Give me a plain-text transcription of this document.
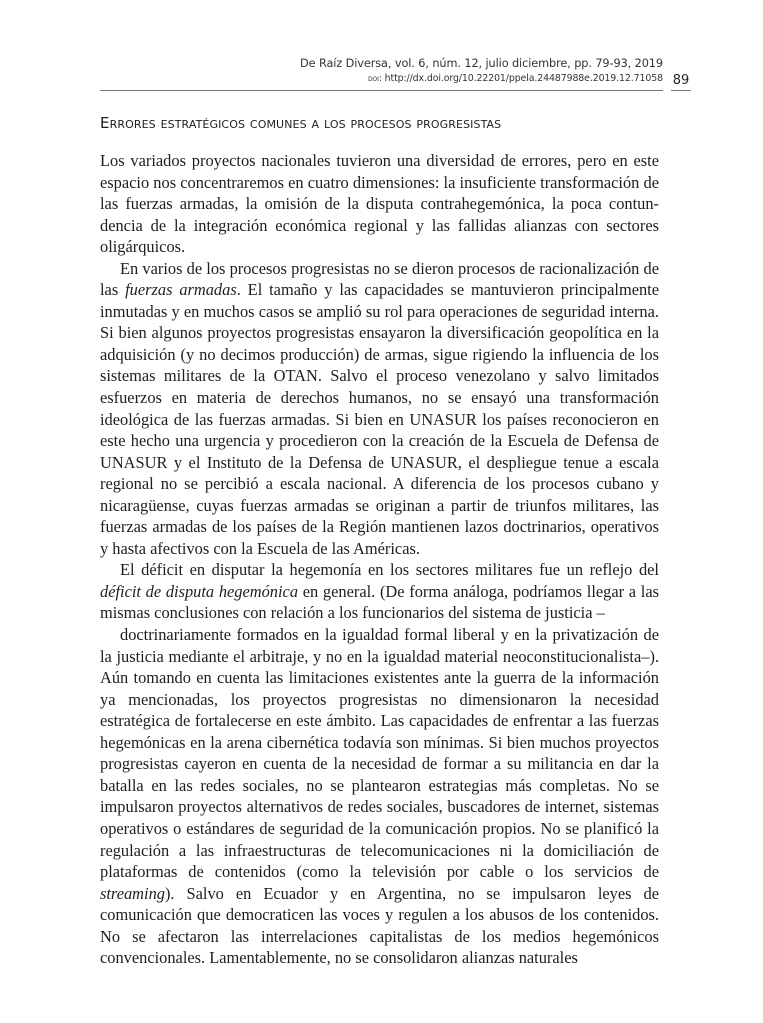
De Raíz Diversa, vol. 6, núm. 12, julio diciembre, pp. 79-93, 2019
doi: http://dx.doi.org/10.22201/ppela.24487988e.2019.12.71058 89
Errores estratégicos comunes a los procesos progresistas

Los variados proyectos nacionales tuvieron una diversidad de errores, pero en este espacio nos concentraremos en cuatro dimensiones: la insuficiente transformación de las fuerzas armadas, la omisión de la disputa contrahegemónica, la poca contundencia de la integración económica regional y las fallidas alianzas con sectores oligárquicos.

En varios de los procesos progresistas no se dieron procesos de racionalización de las fuerzas armadas. El tamaño y las capacidades se mantuvieron principalmente inmutadas y en muchos casos se amplió su rol para operaciones de seguridad interna. Si bien algunos proyectos progresistas ensayaron la diversificación geopolítica en la adquisición (y no decimos producción) de armas, sigue rigiendo la influencia de los sistemas militares de la OTAN. Salvo el proceso venezolano y salvo limitados esfuerzos en materia de derechos humanos, no se ensayó una transformación ideológica de las fuerzas armadas. Si bien en UNASUR los países reconocieron en este hecho una urgencia y procedieron con la creación de la Escuela de Defensa de UNASUR y el Instituto de la Defensa de UNASUR, el despliegue tenue a escala regional no se percibió a escala nacional. A diferencia de los procesos cubano y nicaragüense, cuyas fuerzas armadas se originan a partir de triunfos militares, las fuerzas armadas de los países de la Región mantienen lazos doctrinarios, operativos y hasta afectivos con la Escuela de las Américas.

El déficit en disputar la hegemonía en los sectores militares fue un reflejo del déficit de disputa hegemónica en general. (De forma análoga, podríamos llegar a las mismas conclusiones con relación a los funcionarios del sistema de justicia –

doctrinariamente formados en la igualdad formal liberal y en la privatización de la justicia mediante el arbitraje, y no en la igualdad material neoconstitucionalista–). Aún tomando en cuenta las limitaciones existentes ante la guerra de la información ya mencionadas, los proyectos progresistas no dimensionaron la necesidad estratégica de fortalecerse en este ámbito. Las capacidades de enfrentar a las fuerzas hegemónicas en la arena cibernética todavía son mínimas. Si bien muchos proyectos progresistas cayeron en cuenta de la necesidad de formar a su militancia en dar la batalla en las redes sociales, no se plantearon estrategias más completas. No se impulsaron proyectos alternativos de redes sociales, buscadores de internet, sistemas operativos o estándares de seguridad de la comunicación propios. No se planificó la regulación a las infraestructuras de telecomunicaciones ni la domiciliación de plataformas de contenidos (como la televisión por cable o los servicios de streaming). Salvo en Ecuador y en Argentina, no se impulsaron leyes de comunicación que democraticen las voces y regulen a los abusos de los contenidos. No se afectaron las interrelaciones capitalistas de los medios hegemónicos convencionales. Lamentablemente, no se consolidaron alianzas naturales
